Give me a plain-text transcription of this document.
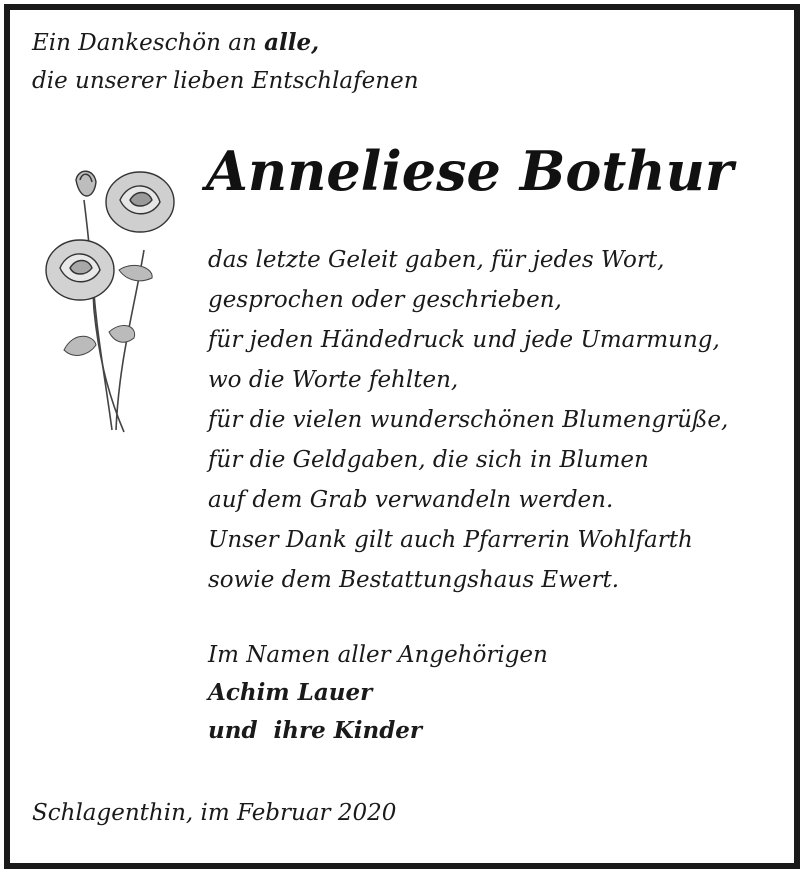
Ein Dankeschön an alle,
die unserer lieben Entschlafenen

Anneliese Bothur

das letzte Geleit gaben, für jedes Wort,
gesprochen oder geschrieben,
für jeden Händedruck und jede Umarmung,
wo die Worte fehlten,
für die vielen wunderschönen Blumengrüße,
für die Geldgaben, die sich in Blumen
auf dem Grab verwandeln werden.
Unser Dank gilt auch Pfarrerin Wohlfarth
sowie dem Bestattungshaus Ewert.

Im Namen aller Angehörigen
Achim Lauer
und  ihre Kinder

Schlagenthin, im Februar 2020
